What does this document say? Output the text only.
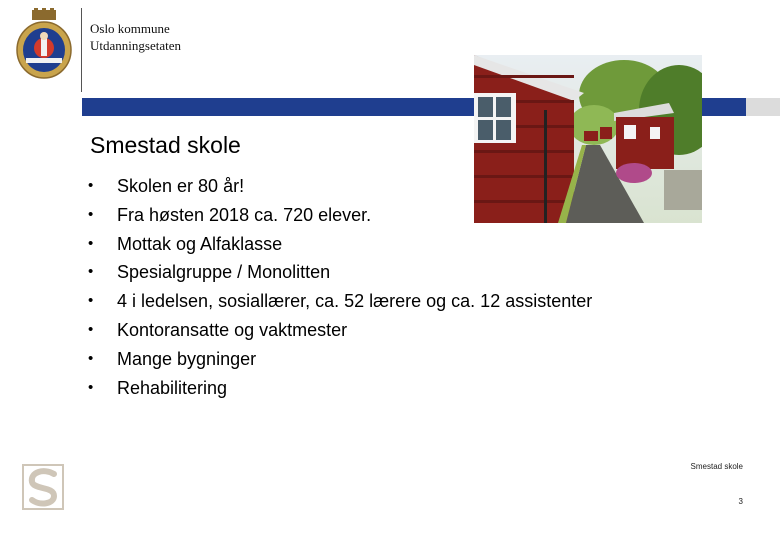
Oslo kommune
Utdanningsetaten
Smestad skole
•	Skolen er 80 år!
•	Fra høsten 2018 ca. 720 elever.
•	Mottak og Alfaklasse
•	Spesialgruppe / Monolitten
•	4 i ledelsen, sosiallærer, ca. 52 lærere og ca. 12 assistenter
•	Kontoransatte og vaktmester
•	Mange bygninger
•	Rehabilitering
Smestad skole
3
